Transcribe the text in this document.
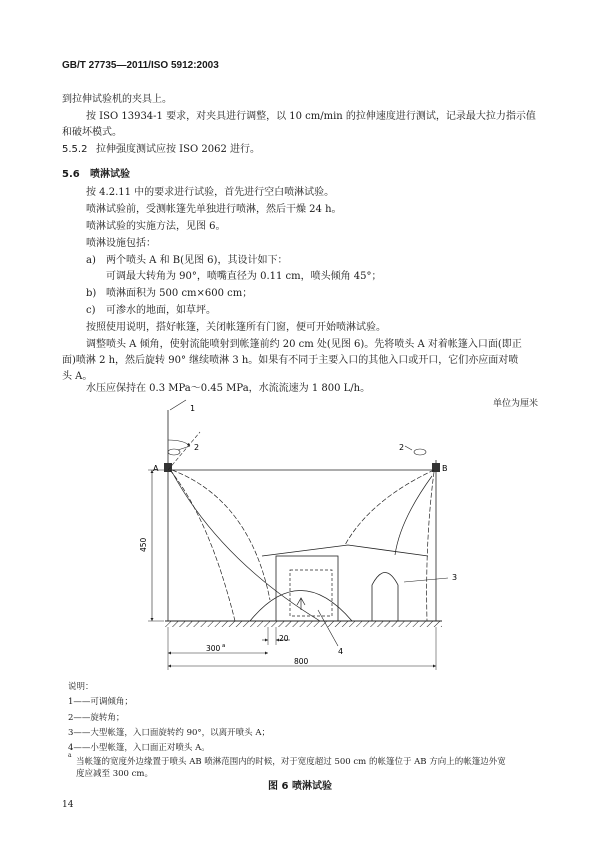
GB/T 27735—2011/ISO 5912:2003
到拉伸试验机的夹具上。
按 ISO 13934-1 要求，对夹具进行调整，以 10 cm/min 的拉伸速度进行测试，记录最大拉力指示值
和破坏模式。
5.5.2 拉伸强度测试应按 ISO 2062 进行。
5.6 喷淋试验
按 4.2.11 中的要求进行试验，首先进行空白喷淋试验。
喷淋试验前，受测帐篷先单独进行喷淋，然后干燥 24 h。
喷淋试验的实施方法，见图 6。
喷淋设施包括：
a) 两个喷头 A 和 B(见图 6)，其设计如下：
可调最大转角为 90°，喷嘴直径为 0.11 cm，喷头倾角 45°；
b) 喷淋面积为 500 cm×600 cm；
c) 可渗水的地面，如草坪。
按照使用说明，搭好帐篷，关闭帐篷所有门窗，便可开始喷淋试验。
调整喷头 A 倾角，使射流能喷射到帐篷前约 20 cm 处(见图 6)。先将喷头 A 对着帐篷入口面(即正
面)喷淋 2 h，然后旋转 90° 继续喷淋 3 h。如果有不同于主要入口的其他入口或开口，它们亦应面对喷
头 A。
水压应保持在 0.3 MPa～0.45 MPa，水流流速为 1 800 L/h。
单位为厘米
1
2	2
3
4
A	B
450
20
300 a
800
说明：
1——可调倾角；
2——旋转角；
3——大型帐篷，入口面旋转约 90°，以离开喷头 A；
4——小型帐篷，入口面正对喷头 A。
a
当帐篷的宽度外边缘置于喷头 AB 喷淋范围内的时候，对于宽度超过 500 cm 的帐篷位于 AB 方向上的帐篷边外宽
度应减至 300 cm。
图 6 喷淋试验
14
